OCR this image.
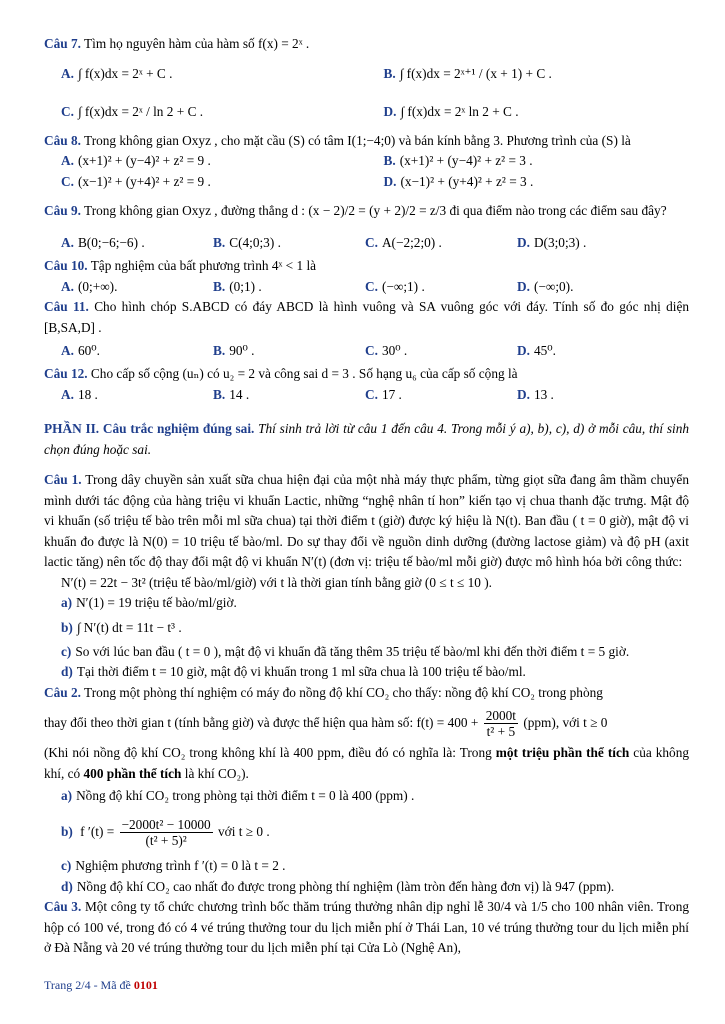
Câu 7. Tìm họ nguyên hàm của hàm số f(x) = 2ˣ .
A. ∫ f(x)dx = 2ˣ + C .	B. ∫ f(x)dx = 2ˣ⁺¹ / (x + 1) + C .
C. ∫ f(x)dx = 2ˣ / ln 2 + C .	D. ∫ f(x)dx = 2ˣ ln 2 + C .
Câu 8. Trong không gian Oxyz , cho mặt cầu (S) có tâm I(1;−4;0) và bán kính bằng 3. Phương trình của (S) là
A. (x+1)² + (y−4)² + z² = 9 .	B. (x+1)² + (y−4)² + z² = 3 .
C. (x−1)² + (y+4)² + z² = 9 .	D. (x−1)² + (y+4)² + z² = 3 .
Câu 9. Trong không gian Oxyz , đường thẳng d : (x − 2)/2 = (y + 2)/2 = z/3 đi qua điểm nào trong các điểm sau đây?
A. B(0;−6;−6) .	B. C(4;0;3) .	C. A(−2;2;0) .	D. D(3;0;3) .
Câu 10. Tập nghiệm của bất phương trình 4ˣ < 1 là
A. (0;+∞).	B. (0;1) .	C. (−∞;1) .	D. (−∞;0).
Câu 11. Cho hình chóp S.ABCD có đáy ABCD là hình vuông và SA vuông góc với đáy. Tính số đo góc nhị diện [B,SA,D] .
A. 60⁰.	B. 90⁰ .	C. 30⁰ .	D. 45⁰.
Câu 12. Cho cấp số cộng (uₙ) có u₂ = 2 và công sai d = 3 . Số hạng u₆ của cấp số cộng là
A. 18 .	B. 14 .	C. 17 .	D. 13 .
PHẦN II. Câu trắc nghiệm đúng sai. Thí sinh trả lời từ câu 1 đến câu 4. Trong mỗi ý a), b), c), d) ở mỗi câu, thí sinh chọn đúng hoặc sai.
Câu 1. Trong dây chuyền sản xuất sữa chua hiện đại của một nhà máy thực phẩm, từng giọt sữa đang âm thầm chuyển mình dưới tác động của hàng triệu vi khuẩn Lactic, những “nghệ nhân tí hon” kiến tạo vị chua thanh đặc trưng. Mật độ vi khuẩn (số triệu tế bào trên mỗi ml sữa chua) tại thời điểm t (giờ) được ký hiệu là N(t). Ban đầu ( t = 0 giờ), mật độ vi khuẩn đo được là N(0) = 10 triệu tế bào/ml. Do sự thay đổi về nguồn dinh dưỡng (đường lactose giảm) và độ pH (axit lactic tăng) nên tốc độ thay đổi mật độ vi khuẩn N′(t) (đơn vị: triệu tế bào/ml mỗi giờ) được mô hình hóa bởi công thức:
N′(t) = 22t − 3t² (triệu tế bào/ml/giờ) với t là thời gian tính bằng giờ (0 ≤ t ≤ 10 ).
a) N′(1) = 19 triệu tế bào/ml/giờ.
b) ∫ N′(t) dt = 11t − t³ .
c) So với lúc ban đầu ( t = 0 ), mật độ vi khuẩn đã tăng thêm 35 triệu tế bào/ml khi đến thời điểm t = 5 giờ.
d) Tại thời điểm t = 10 giờ, mật độ vi khuẩn trong 1 ml sữa chua là 100 triệu tế bào/ml.
Câu 2. Trong một phòng thí nghiệm có máy đo nồng độ khí CO₂ cho thấy: nồng độ khí CO₂ trong phòng
thay đổi theo thời gian t (tính bằng giờ) và được thể hiện qua hàm số: $f(t) = 400 + \frac{2000t}{\text{t² + 5}} (ppm)$, với t ≥ 0
(Khi nói nồng độ khí CO₂ trong không khí là 400 ppm, điều đó có nghĩa là: Trong một triệu phần thể tích của không khí, có 400 phần thể tích là khí CO₂).
a) Nồng độ khí CO₂ trong phòng tại thời điểm t = 0 là 400 (ppm) .
b) f $'(t) = \frac{\text{−2000t² − 10000}}{\text{(t² + 5)²}}$ với t ≥ 0 .
c) Nghiệm phương trình f ′(t) = 0 là t = 2 .
d) Nồng độ khí CO₂ cao nhất đo được trong phòng thí nghiệm (làm tròn đến hàng đơn vị) là 947 (ppm).
Câu 3. Một công ty tổ chức chương trình bốc thăm trúng thưởng nhân dịp nghỉ lễ 30/4 và 1/5 cho 100 nhân viên. Trong hộp có 100 vé, trong đó có 4 vé trúng thưởng tour du lịch miễn phí ở Thái Lan, 10 vé trúng thưởng tour du lịch miễn phí ở Đà Nẵng và 20 vé trúng thưởng tour du lịch miễn phí tại Cửa Lò (Nghệ An),
Trang 2/4 - Mã đề 0101
